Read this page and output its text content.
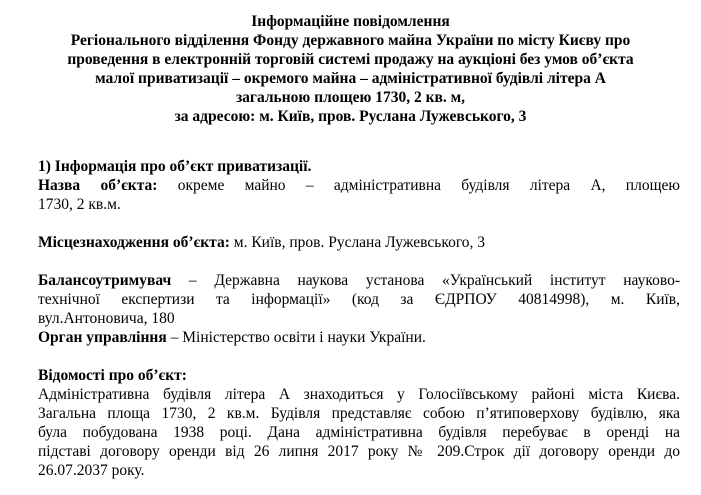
Інформаційне повідомлення
Регіонального відділення Фонду державного майна України по місту Києву про
проведення в електронній торговій системі продажу на аукціоні без умов об’єкта
малої приватизації – окремого майна – адміністративної будівлі літера А
загальною площею 1730, 2 кв. м,
за адресою: м. Київ, пров. Руслана Лужевського, 3
1) Інформація про об’єкт приватизації.
Назва об’єкта: окреме майно – адміністративна будівля літера А, площею
1730, 2 кв.м.
Місцезнаходження об’єкта: м. Київ, пров. Руслана Лужевського, 3
Балансоутримувач – Державна наукова установа «Український інститут науково-
технічної експертизи та інформації» (код за ЄДРПОУ 40814998), м. Київ,
вул.Антоновича, 180
Орган управління – Міністерство освіти і науки України.
Відомості про об’єкт:
Адміністративна будівля літера А знаходиться у Голосіївському районі міста Києва.
Загальна площа 1730, 2 кв.м. Будівля представляє собою п’ятиповерхову будівлю, яка
була побудована 1938 році. Дана адміністративна будівля перебуває в оренді на
підставі договору оренди від 26 липня 2017 року № 209.Строк дії договору оренди до
26.07.2037 року.
